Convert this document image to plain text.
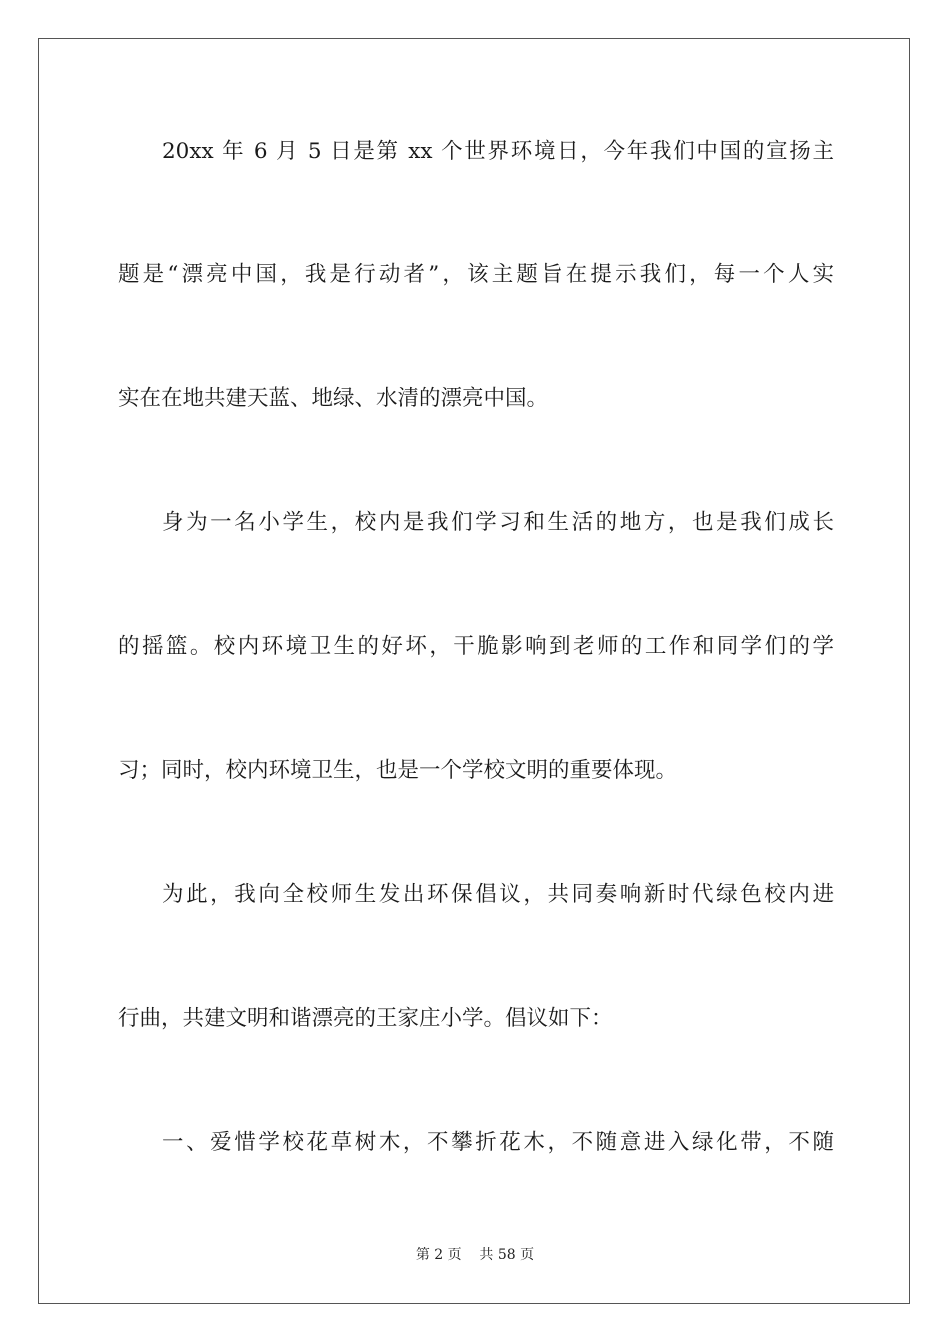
20xx 年 6 月 5 日是第 xx 个世界环境日，今年我们中国的宣扬主
题是“漂亮中国，我是行动者”，该主题旨在提示我们，每一个人实
实在在地共建天蓝、地绿、水清的漂亮中国。
身为一名小学生，校内是我们学习和生活的地方，也是我们成长
的摇篮。校内环境卫生的好坏，干脆影响到老师的工作和同学们的学
习；同时，校内环境卫生，也是一个学校文明的重要体现。
为此，我向全校师生发出环保倡议，共同奏响新时代绿色校内进
行曲，共建文明和谐漂亮的王家庄小学。倡议如下：
一、爱惜学校花草树木，不攀折花木，不随意进入绿化带，不随
第 2 页    共 58 页
